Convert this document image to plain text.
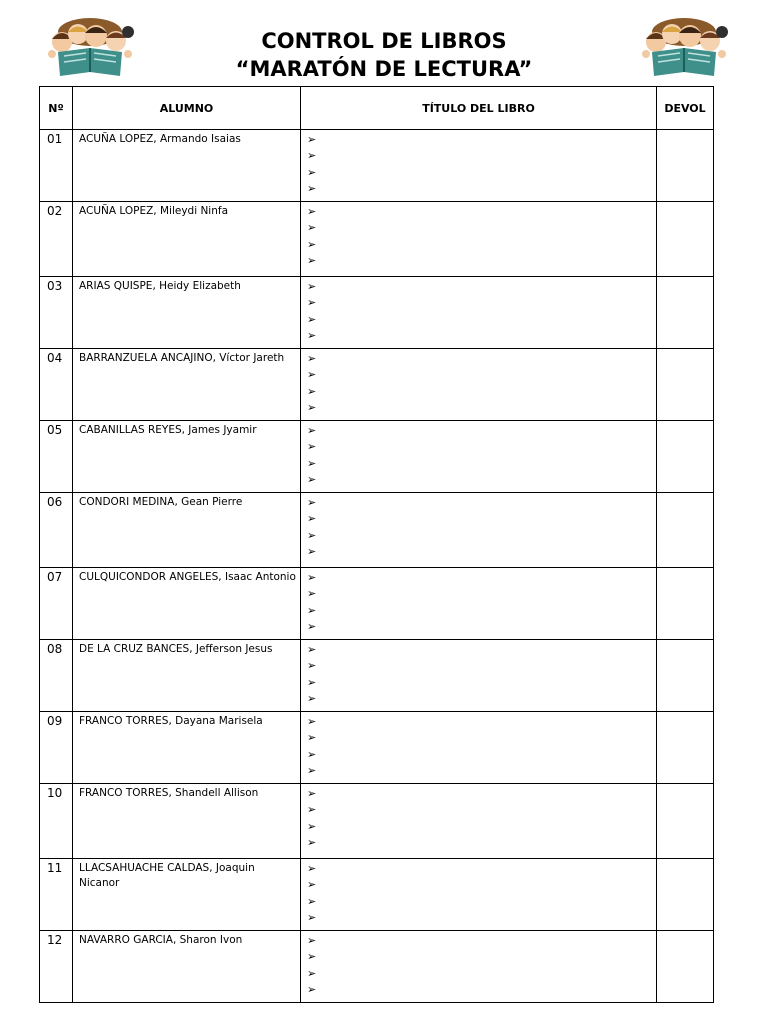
CONTROL DE LIBROS
“MARATÓN DE LECTURA”
Nº	ALUMNO	TÍTULO DEL LIBRO	DEVOL
01	ACUÑA LOPEZ, Armando Isaias	➢
➢
➢
➢	

02	ACUÑA LOPEZ, Mileydi Ninfa	➢
➢
➢
➢	

03	ARIAS QUISPE, Heidy Elizabeth	➢
➢
➢
➢	

04	BARRANZUELA ANCAJINO, Víctor Jareth	➢
➢
➢
➢	

05	CABANILLAS REYES, James Jyamir	➢
➢
➢
➢	

06	CONDORI MEDINA, Gean Pierre	➢
➢
➢
➢	

07	CULQUICONDOR ANGELES, Isaac Antonio	➢
➢
➢
➢	

08	DE LA CRUZ BANCES, Jefferson Jesus	➢
➢
➢
➢	

09	FRANCO TORRES, Dayana Marisela	➢
➢
➢
➢	

10	FRANCO TORRES, Shandell Allison	➢
➢
➢
➢	

11	LLACSAHUACHE CALDAS, Joaquin Nicanor	➢
➢
➢
➢	

12	NAVARRO GARCIA, Sharon Ivon	➢
➢
➢
➢	
